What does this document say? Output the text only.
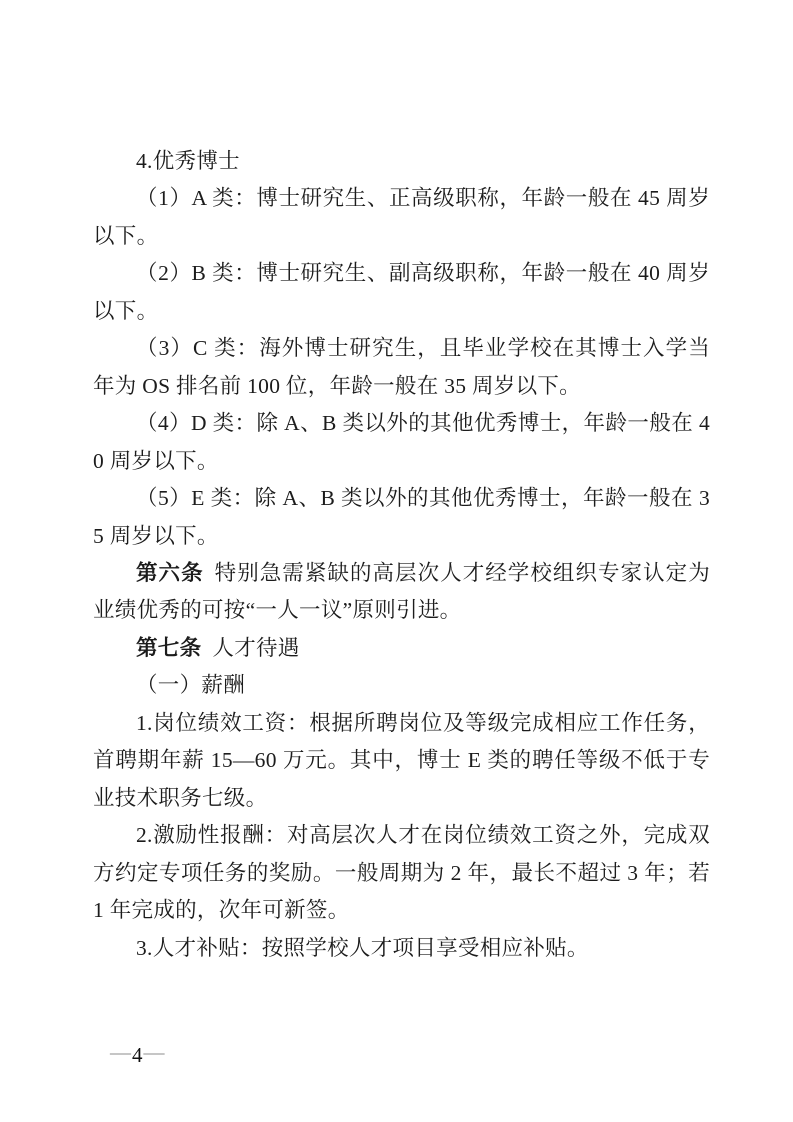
4.优秀博士

（1）A 类：博士研究生、正高级职称，年龄一般在 45 周岁以下。

（2）B 类：博士研究生、副高级职称，年龄一般在 40 周岁以下。

（3）C 类：海外博士研究生，且毕业学校在其博士入学当年为 OS 排名前 100 位，年龄一般在 35 周岁以下。

（4）D 类：除 A、B 类以外的其他优秀博士，年龄一般在 40 周岁以下。

（5）E 类：除 A、B 类以外的其他优秀博士，年龄一般在 35 周岁以下。

第六条 特别急需紧缺的高层次人才经学校组织专家认定为业绩优秀的可按“一人一议”原则引进。

第七条 人才待遇

（一）薪酬

1.岗位绩效工资：根据所聘岗位及等级完成相应工作任务，首聘期年薪 15—60 万元。其中，博士 E 类的聘任等级不低于专业技术职务七级。

2.激励性报酬：对高层次人才在岗位绩效工资之外，完成双方约定专项任务的奖励。一般周期为 2 年，最长不超过 3 年；若 1 年完成的，次年可新签。

3.人才补贴：按照学校人才项目享受相应补贴。

—4—
